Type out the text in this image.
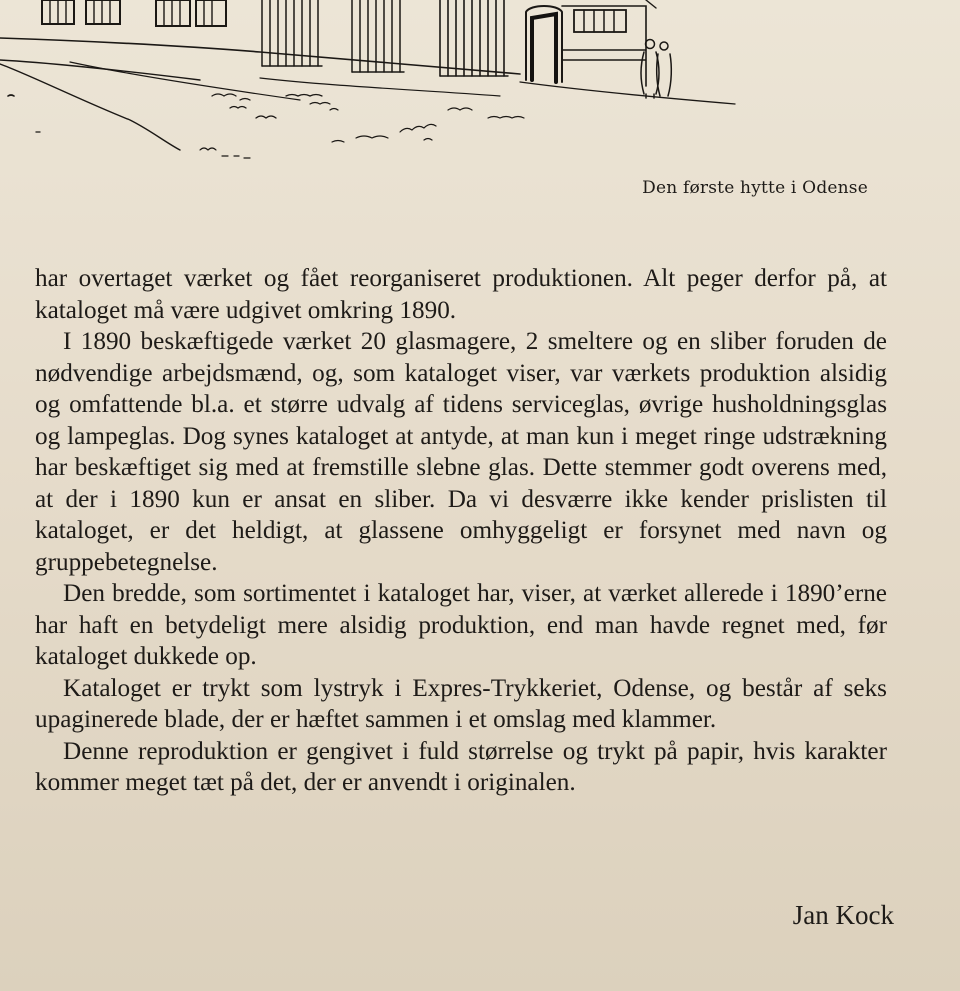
Den første hytte i Odense

har overtaget værket og fået reorganiseret produktionen. Alt peger derfor på, at kataloget må være udgivet omkring 1890.

I 1890 beskæftigede værket 20 glasmagere, 2 smeltere og en sliber foruden de nødvendige arbejdsmænd, og, som kataloget viser, var værkets produktion alsidig og omfattende bl.a. et større udvalg af tidens serviceglas, øvrige husholdningsglas og lampeglas. Dog synes kataloget at antyde, at man kun i meget ringe udstrækning har beskæftiget sig med at fremstille slebne glas. Dette stemmer godt overens med, at der i 1890 kun er ansat en sliber. Da vi desværre ikke kender prislisten til kataloget, er det heldigt, at glassene omhyggeligt er forsynet med navn og gruppebetegnelse.

Den bredde, som sortimentet i kataloget har, viser, at værket allerede i 1890’erne har haft en betydeligt mere alsidig produktion, end man havde regnet med, før kataloget dukkede op.

Kataloget er trykt som lystryk i Expres-Trykkeriet, Odense, og består af seks upaginerede blade, der er hæftet sammen i et omslag med klammer.

Denne reproduktion er gengivet i fuld størrelse og trykt på papir, hvis karakter kommer meget tæt på det, der er anvendt i originalen.

Jan Kock
